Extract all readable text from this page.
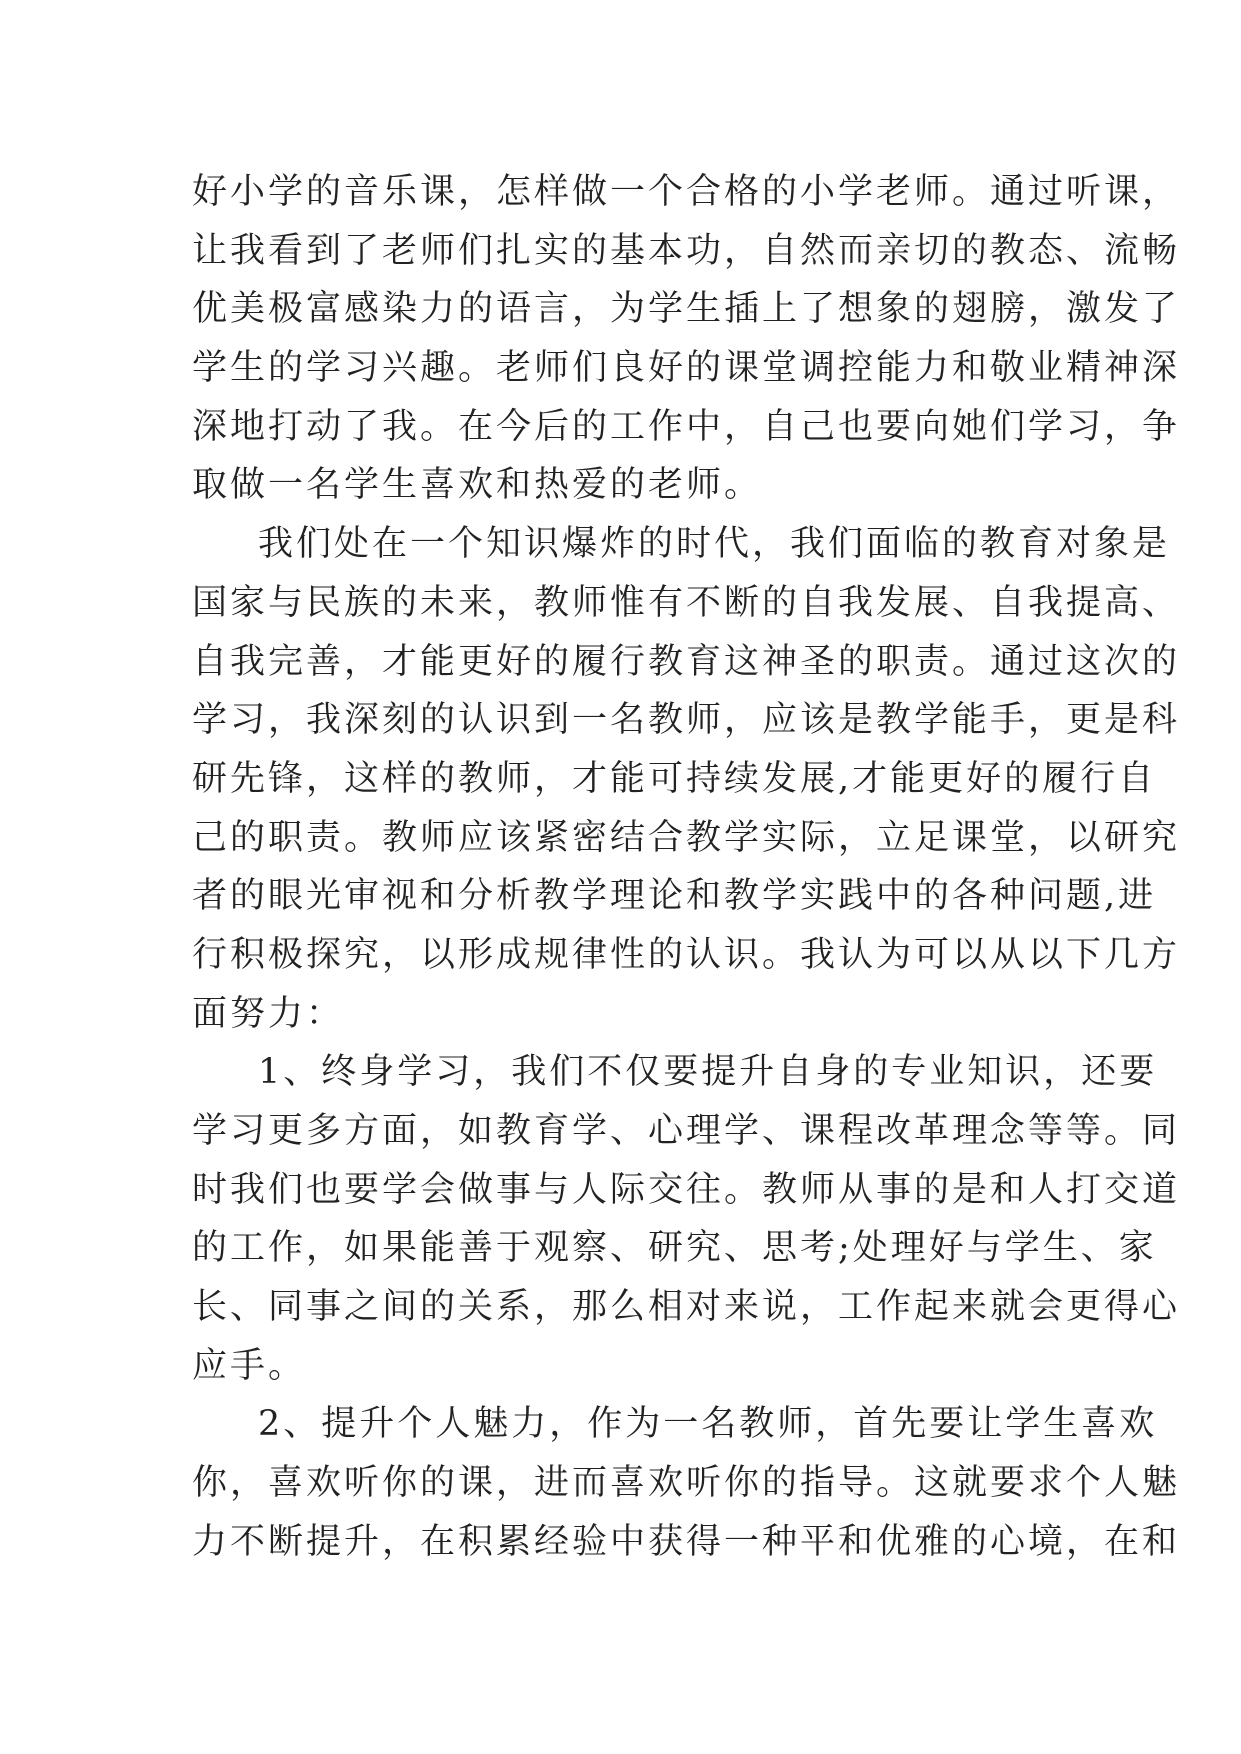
好小学的音乐课，怎样做一个合格的小学老师。通过听课，
让我看到了老师们扎实的基本功，自然而亲切的教态、流畅
优美极富感染力的语言，为学生插上了想象的翅膀，激发了
学生的学习兴趣。老师们良好的课堂调控能力和敬业精神深
深地打动了我。在今后的工作中，自己也要向她们学习，争
取做一名学生喜欢和热爱的老师。
我们处在一个知识爆炸的时代，我们面临的教育对象是
国家与民族的未来，教师惟有不断的自我发展、自我提高、
自我完善，才能更好的履行教育这神圣的职责。通过这次的
学习，我深刻的认识到一名教师，应该是教学能手，更是科
研先锋，这样的教师，才能可持续发展,才能更好的履行自
己的职责。教师应该紧密结合教学实际，立足课堂，以研究
者的眼光审视和分析教学理论和教学实践中的各种问题,进
行积极探究，以形成规律性的认识。我认为可以从以下几方
面努力：
1、终身学习，我们不仅要提升自身的专业知识，还要
学习更多方面，如教育学、心理学、课程改革理念等等。同
时我们也要学会做事与人际交往。教师从事的是和人打交道
的工作，如果能善于观察、研究、思考;处理好与学生、家
长、同事之间的关系，那么相对来说，工作起来就会更得心
应手。
2、提升个人魅力，作为一名教师，首先要让学生喜欢
你，喜欢听你的课，进而喜欢听你的指导。这就要求个人魅
力不断提升，在积累经验中获得一种平和优雅的心境，在和
